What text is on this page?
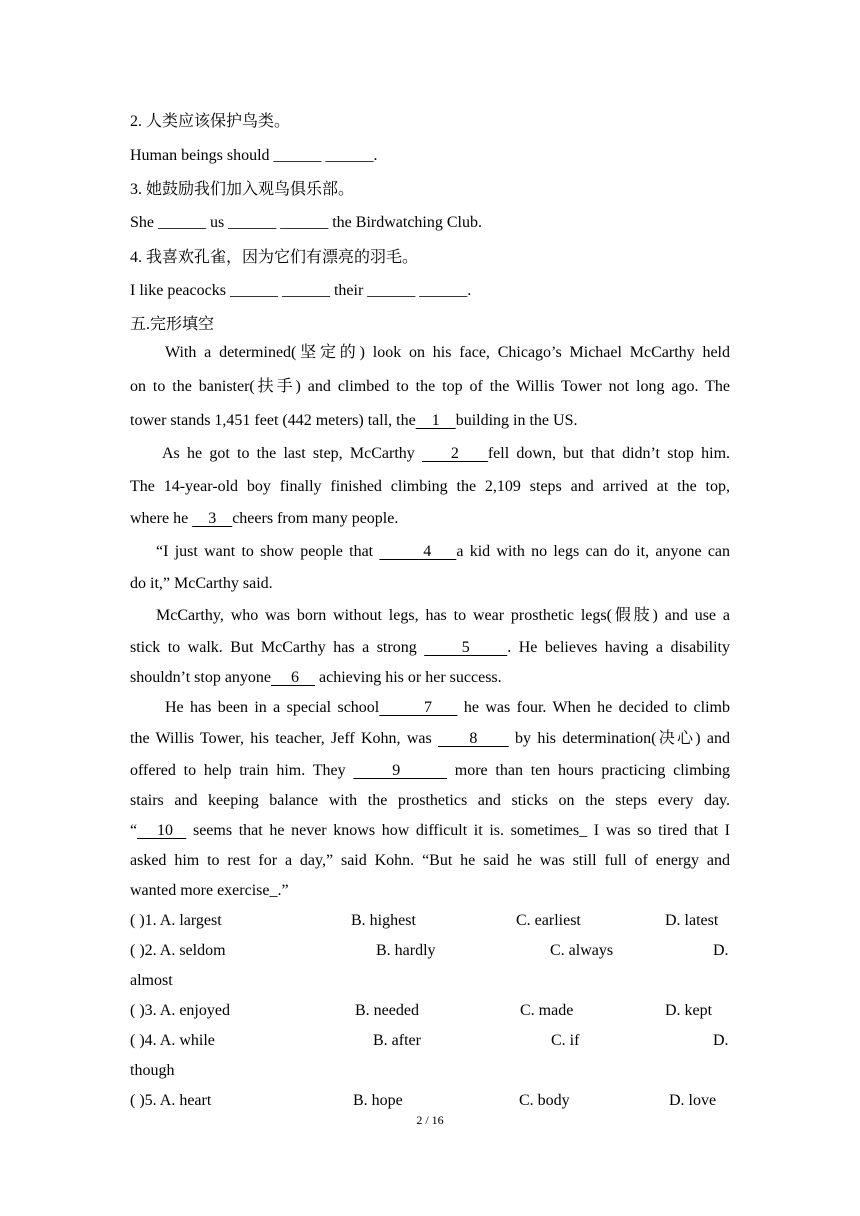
2. 人类应该保护鸟类。
Human beings should ______ ______.
3. 她鼓励我们加入观鸟俱乐部。
She ______ us ______ ______ the Birdwatching Club.
4. 我喜欢孔雀，因为它们有漂亮的羽毛。
I like peacocks ______ ______ their ______ ______.
五.完形填空
With a determined(坚定的) look on his face, Chicago’s Michael McCarthy held
on to the banister(扶手) and climbed to the top of the Willis Tower not long ago. The
tower stands 1,451 feet (442 meters) tall, the    1    building in the US.
As he got to the last step, McCarthy     2    fell down, but that didn’t stop him.
The 14-year-old boy finally finished climbing the 2,109 steps and arrived at the top,
where he     3    cheers from many people.
“I just want to show people that        4    a kid with no legs can do it, anyone can
do it,” McCarthy said.
McCarthy, who was born without legs, has to wear prosthetic legs(假肢) and use a
stick to walk. But McCarthy has a strong      5     . He believes having a disability
shouldn’t stop anyone     6     achieving his or her success.
He has been in a special school       7     he was four. When he decided to climb
the Willis Tower, his teacher, Jeff Kohn, was      8      by his determination(决心) and
offered to help train him. They      9       more than ten hours practicing climbing
stairs and keeping balance with the prosthetics and sticks on the steps every day.
“   10   seems that he never knows how difficult it is. sometimes_ I was so tired that I
asked him to rest for a day,” said Kohn. “But he said he was still full of energy and
wanted more exercise_.”
( )1. A. largest	B. highest	C. earliest	D. latest
( )2. A. seldom	B. hardly	C. always	D.
almost
( )3. A. enjoyed	B. needed	C. made	D. kept
( )4. A. while	B. after	C. if	D.
though
( )5. A. heart	B. hope	C. body	D. love
2 / 16
